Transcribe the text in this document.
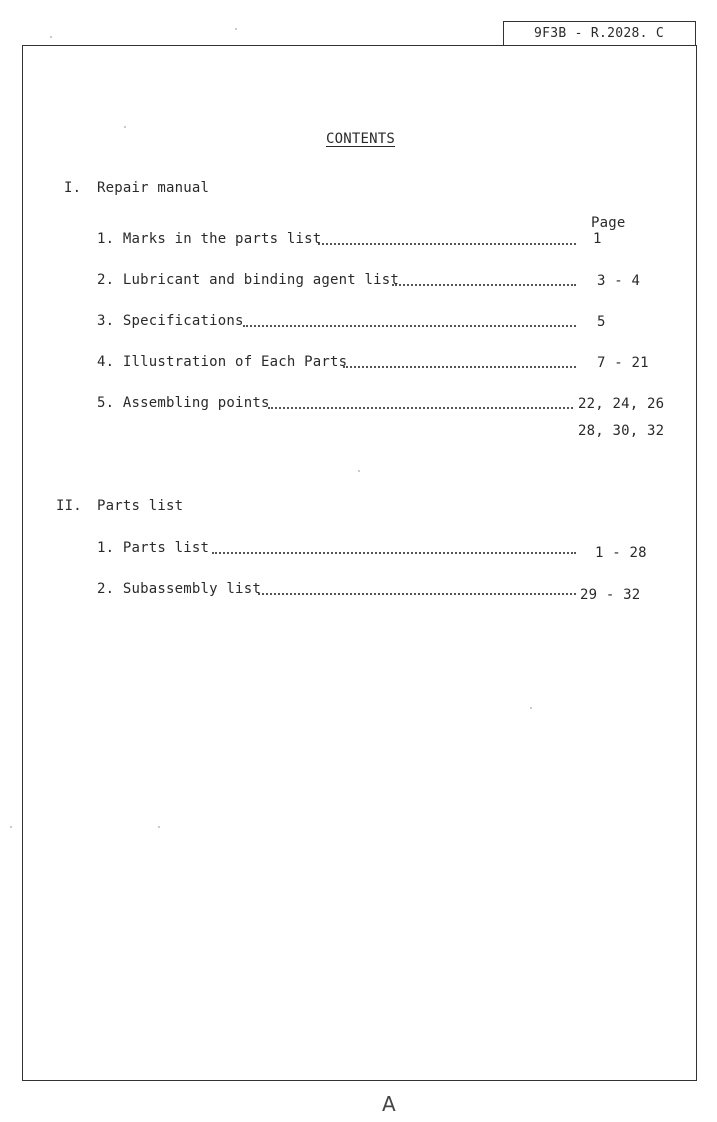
9F3B - R.2028. C
CONTENTS
I. Repair manual
Page
1. Marks in the parts list	1
2. Lubricant and binding agent list	3 - 4
3. Specifications	5
4. Illustration of Each Parts	7 - 21
5. Assembling points	22, 24, 26
28, 30, 32
II. Parts list
1. Parts list	1 - 28
2. Subassembly list	29 - 32
A
